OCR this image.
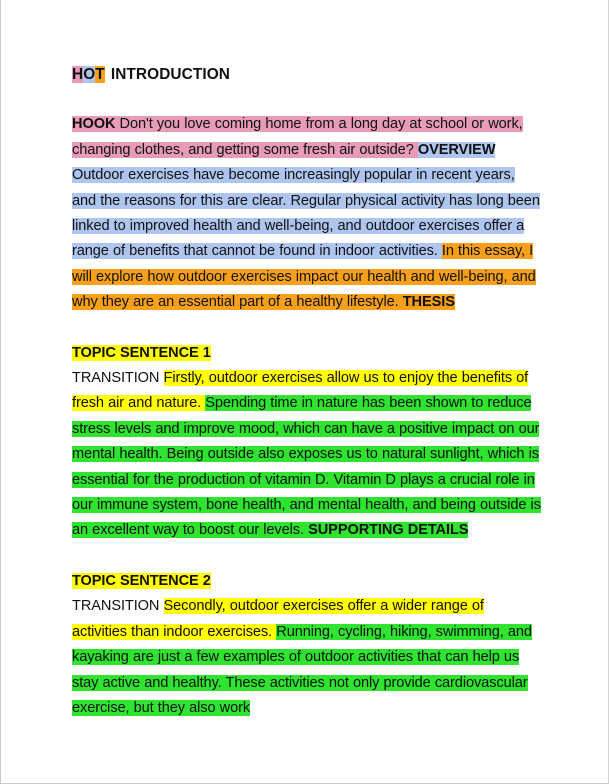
HOT INTRODUCTION
HOOK Don't you love coming home from a long day at school or work, changing clothes, and getting some fresh air outside? OVERVIEW Outdoor exercises have become increasingly popular in recent years, and the reasons for this are clear. Regular physical activity has long been linked to improved health and well-being, and outdoor exercises offer a range of benefits that cannot be found in indoor activities. In this essay, I will explore how outdoor exercises impact our health and well-being, and why they are an essential part of a healthy lifestyle. THESIS
TOPIC SENTENCE 1
TRANSITION Firstly, outdoor exercises allow us to enjoy the benefits of fresh air and nature. Spending time in nature has been shown to reduce stress levels and improve mood, which can have a positive impact on our mental health. Being outside also exposes us to natural sunlight, which is essential for the production of vitamin D. Vitamin D plays a crucial role in our immune system, bone health, and mental health, and being outside is an excellent way to boost our levels. SUPPORTING DETAILS
TOPIC SENTENCE 2
TRANSITION Secondly, outdoor exercises offer a wider range of activities than indoor exercises. Running, cycling, hiking, swimming, and kayaking are just a few examples of outdoor activities that can help us stay active and healthy. These activities not only provide cardiovascular exercise, but they also work
